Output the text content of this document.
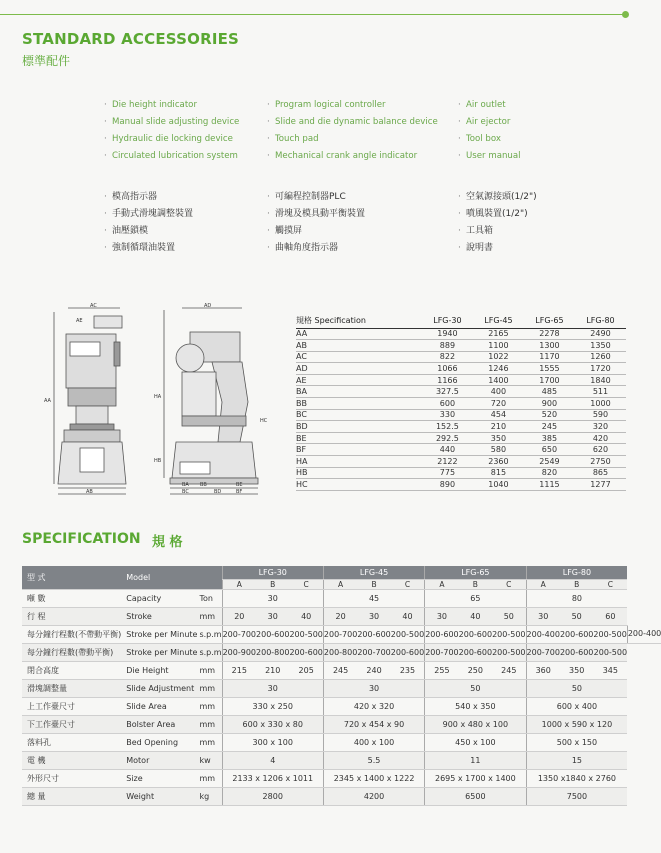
STANDARD ACCESSORIES
標準配件
· Die height indicator
· Manual slide adjusting device
· Hydraulic die locking device
· Circulated lubrication system
· Program logical controller
· Slide and die dynamic balance device
· Touch pad
· Mechanical crank angle indicator
· Air outlet
· Air ejector
· Tool box
· User manual
· 模高指示器
· 手動式滑塊調整裝置
· 油壓鎖模
· 強制循環油裝置
· 可編程控制器PLC
· 滑塊及模具動平衡裝置
· 觸摸屏
· 曲軸角度指示器
· 空氣源接頭(1/2")
· 噴風裝置(1/2")
· 工具箱
· 說明書
AC
AE
AA
AB
AD
HA
HB
HC
BA BB
BC	BD
BE
BF
規格 Specification	LFG-30	LFG-45	LFG-65	LFG-80
AA	1940	2165	2278	2490
AB	889	1100	1300	1350
AC	822	1022	1170	1260
AD	1066	1246	1555	1720
AE	1166	1400	1700	1840
BA	327.5	400	485	511
BB	600	720	900	1000
BC	330	454	520	590
BD	152.5	210	245	320
BE	292.5	350	385	420
BF	440	580	650	620
HA	2122	2360	2549	2750
HB	775	815	820	865
HC	890	1040	1115	1277
SPECIFICATION 規 格
型 式	Model		LFG-30			LFG-45			LFG-65			LFG-80			
			A	B	C	A	B	C	A	B	C	A	B	C	
噸 數	Capacity	Ton	30			45			65			80			
行 程	Stroke	mm	20	30	40	20	30	40	30	40	50	30	50	60	
每分鐘行程數(不帶動平衡)	Stroke per Minute	s.p.m	200-700	200-600	200-500	200-700	200-600	200-500	200-600	200-600	200-500	200-400	200-600	200-500	200-400
每分鐘行程數(帶動平衡)	Stroke per Minute	s.p.m	200-900	200-800	200-600	200-800	200-700	200-600	200-700	200-600	200-500	200-700	200-600	200-500	
閉合高度	Die Height	mm	215	210	205	245	240	235	255	250	245	360	350	345	
滑塊調整量	Slide Adjustment	mm	30			30			50			50			
上工作臺尺寸	Slide Area	mm	330 x 250			420 x 320			540 x 350			600 x 400			
下工作臺尺寸	Bolster Area	mm	600 x 330 x 80			720 x 454 x 90			900 x 480 x 100			1000 x 590 x 120			
落料孔	Bed Opening	mm	300 x 100			400 x 100			450 x 100			500 x 150			
電 機	Motor	kw	4			5.5			11			15			
外形尺寸	Size	mm	2133 x 1206 x 1011			2345 x 1400 x 1222			2695 x 1700 x 1400			1350 x1840 x 2760			
總 量	Weight	kg	2800			4200			6500			7500			
